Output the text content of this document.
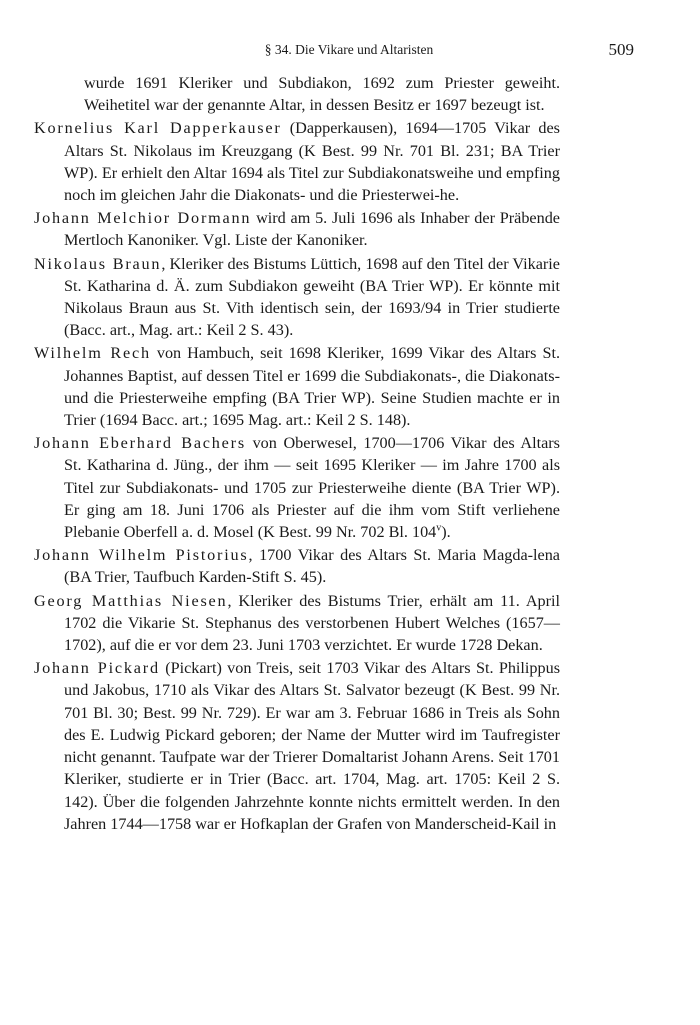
§ 34. Die Vikare und Altaristen	509

wurde 1691 Kleriker und Subdiakon, 1692 zum Priester geweiht. Weihetitel war der genannte Altar, in dessen Besitz er 1697 bezeugt ist.

Kornelius Karl Dapperkauser (Dapperkausen), 1694—1705 Vikar des Altars St. Nikolaus im Kreuzgang (K Best. 99 Nr. 701 Bl. 231; BA Trier WP). Er erhielt den Altar 1694 als Titel zur Subdiakonatsweihe und empfing noch im gleichen Jahr die Diakonats- und die Priesterwei-he.

Johann Melchior Dormann wird am 5. Juli 1696 als Inhaber der Präbende Mertloch Kanoniker. Vgl. Liste der Kanoniker.

Nikolaus Braun, Kleriker des Bistums Lüttich, 1698 auf den Titel der Vikarie St. Katharina d. Ä. zum Subdiakon geweiht (BA Trier WP). Er könnte mit Nikolaus Braun aus St. Vith identisch sein, der 1693/94 in Trier studierte (Bacc. art., Mag. art.: Keil 2 S. 43).

Wilhelm Rech von Hambuch, seit 1698 Kleriker, 1699 Vikar des Altars St. Johannes Baptist, auf dessen Titel er 1699 die Subdiakonats-, die Diakonats- und die Priesterweihe empfing (BA Trier WP). Seine Studien machte er in Trier (1694 Bacc. art.; 1695 Mag. art.: Keil 2 S. 148).

Johann Eberhard Bachers von Oberwesel, 1700—1706 Vikar des Altars St. Katharina d. Jüng., der ihm — seit 1695 Kleriker — im Jahre 1700 als Titel zur Subdiakonats- und 1705 zur Priesterweihe diente (BA Trier WP). Er ging am 18. Juni 1706 als Priester auf die ihm vom Stift verliehene Plebanie Oberfell a. d. Mosel (K Best. 99 Nr. 702 Bl. 104$^v$).

Johann Wilhelm Pistorius, 1700 Vikar des Altars St. Maria Magda-lena (BA Trier, Taufbuch Karden-Stift S. 45).

Georg Matthias Niesen, Kleriker des Bistums Trier, erhält am 11. April 1702 die Vikarie St. Stephanus des verstorbenen Hubert Welches (1657—1702), auf die er vor dem 23. Juni 1703 verzichtet. Er wurde 1728 Dekan.

Johann Pickard (Pickart) von Treis, seit 1703 Vikar des Altars St. Philippus und Jakobus, 1710 als Vikar des Altars St. Salvator bezeugt (K Best. 99 Nr. 701 Bl. 30; Best. 99 Nr. 729). Er war am 3. Februar 1686 in Treis als Sohn des E. Ludwig Pickard geboren; der Name der Mutter wird im Taufregister nicht genannt. Taufpate war der Trierer Domaltarist Johann Arens. Seit 1701 Kleriker, studierte er in Trier (Bacc. art. 1704, Mag. art. 1705: Keil 2 S. 142). Über die folgenden Jahrzehnte konnte nichts ermittelt werden. In den Jahren 1744—1758 war er Hofkaplan der Grafen von Manderscheid-Kail in
